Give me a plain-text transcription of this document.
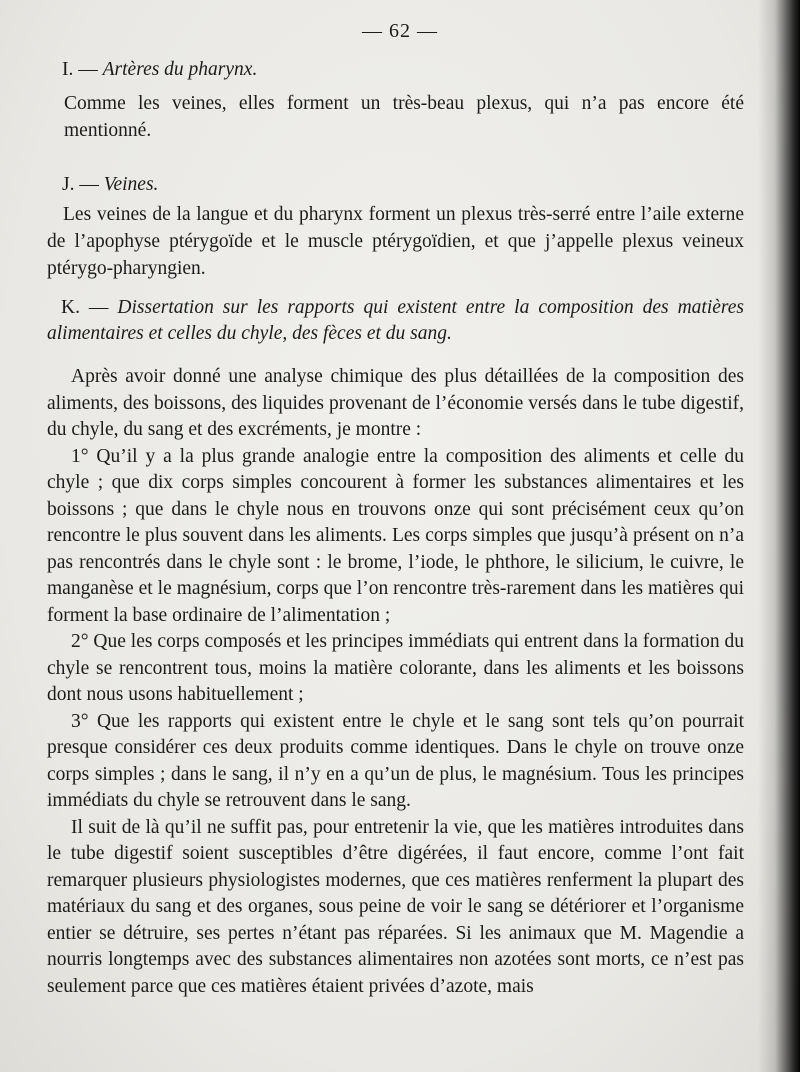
— 62 —
I. — Artères du pharynx.

Comme les veines, elles forment un très-beau plexus, qui n’a pas encore été mentionné.

J. — Veines.

Les veines de la langue et du pharynx forment un plexus très-serré entre l’aile externe de l’apophyse ptérygoïde et le muscle ptérygoïdien, et que j’appelle plexus veineux ptérygo-pharyngien.

K. — Dissertation sur les rapports qui existent entre la composition des matières alimentaires et celles du chyle, des fèces et du sang.

Après avoir donné une analyse chimique des plus détaillées de la composition des aliments, des boissons, des liquides provenant de l’économie versés dans le tube digestif, du chyle, du sang et des excréments, je montre :

1° Qu’il y a la plus grande analogie entre la composition des aliments et celle du chyle ; que dix corps simples concourent à former les substances alimentaires et les boissons ; que dans le chyle nous en trouvons onze qui sont précisément ceux qu’on rencontre le plus souvent dans les aliments. Les corps simples que jusqu’à présent on n’a pas rencontrés dans le chyle sont : le brome, l’iode, le phthore, le silicium, le cuivre, le manganèse et le magnésium, corps que l’on rencontre très-rarement dans les matières qui forment la base ordinaire de l’alimentation ;

2° Que les corps composés et les principes immédiats qui entrent dans la formation du chyle se rencontrent tous, moins la matière colorante, dans les aliments et les boissons dont nous usons habituellement ;

3° Que les rapports qui existent entre le chyle et le sang sont tels qu’on pourrait presque considérer ces deux produits comme identiques. Dans le chyle on trouve onze corps simples ; dans le sang, il n’y en a qu’un de plus, le magnésium. Tous les principes immédiats du chyle se retrouvent dans le sang.

Il suit de là qu’il ne suffit pas, pour entretenir la vie, que les matières introduites dans le tube digestif soient susceptibles d’être digérées, il faut encore, comme l’ont fait remarquer plusieurs physiologistes modernes, que ces matières renferment la plupart des matériaux du sang et des organes, sous peine de voir le sang se détériorer et l’organisme entier se détruire, ses pertes n’étant pas réparées. Si les animaux que M. Magendie a nourris longtemps avec des substances alimentaires non azotées sont morts, ce n’est pas seulement parce que ces matières étaient privées d’azote, mais
